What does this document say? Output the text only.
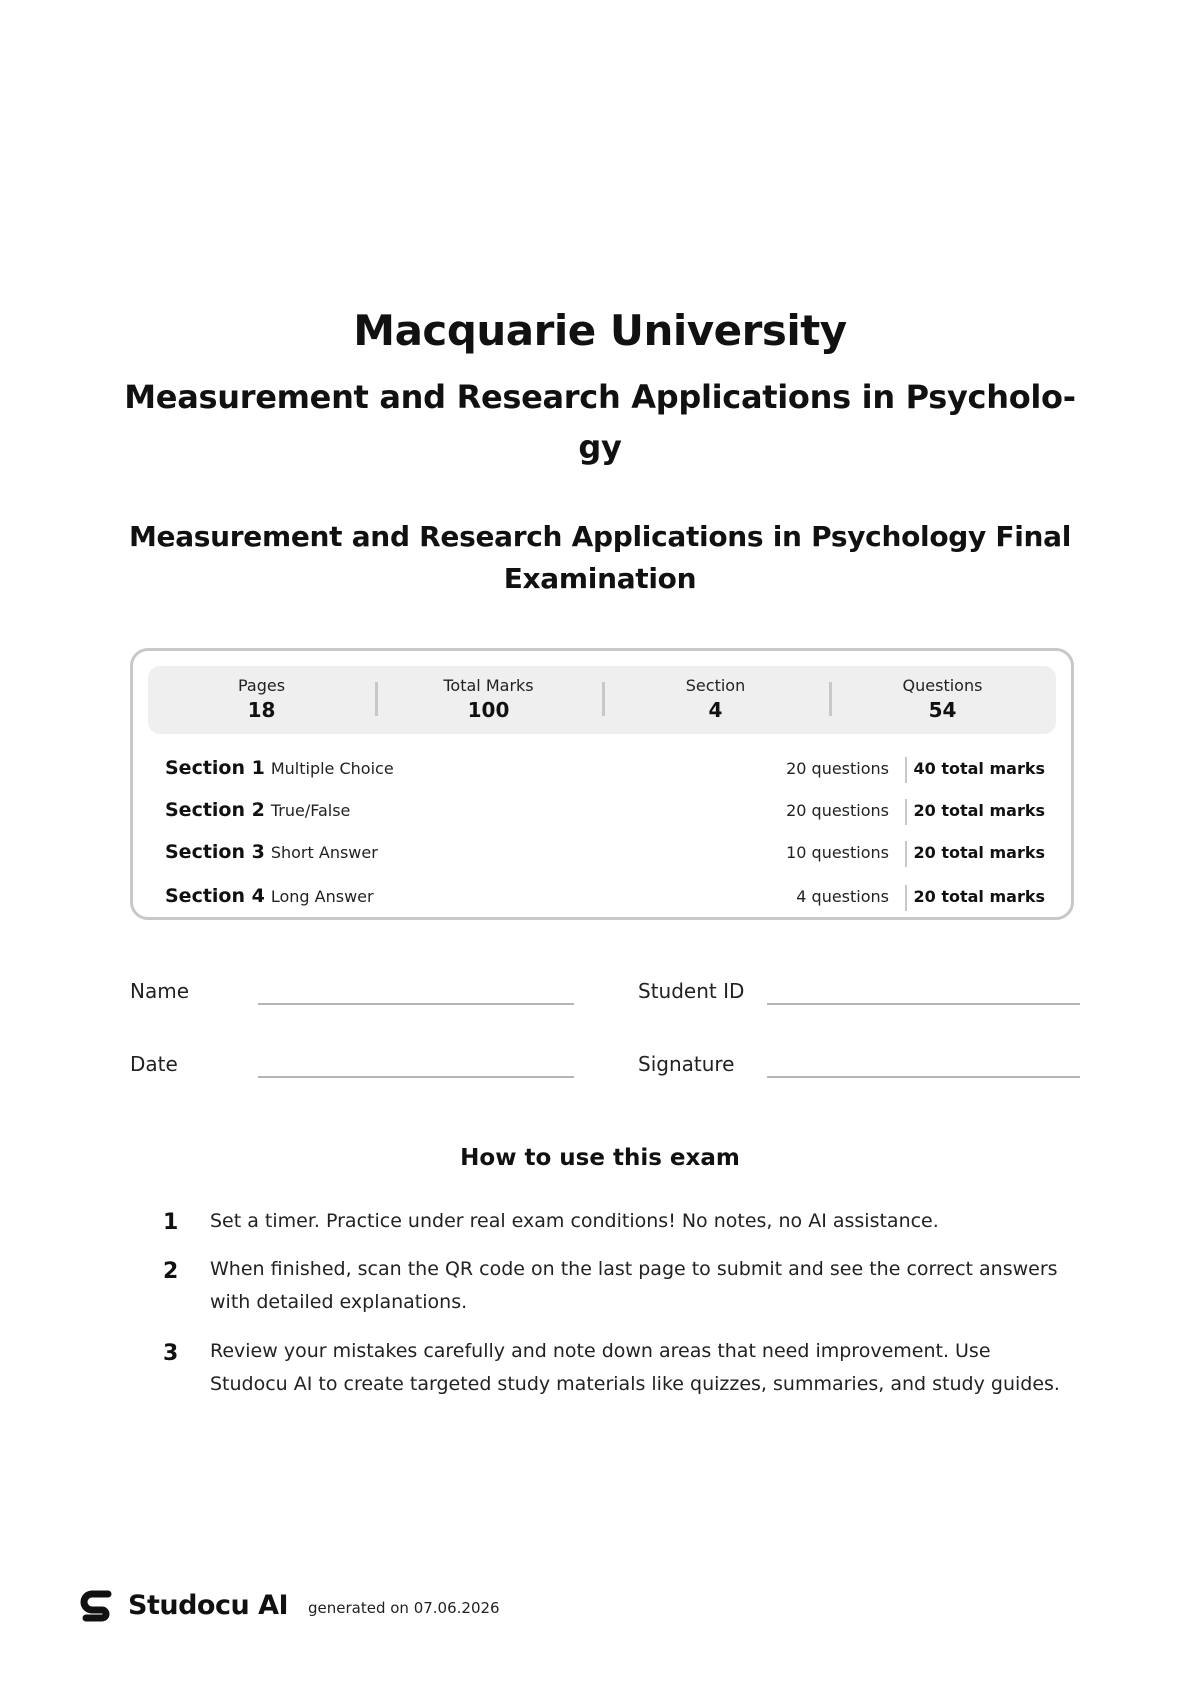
Macquarie University
Measurement and Research Applications in Psycholo-gy
Measurement and Research Applications in Psychology Final Examination
Pages
18
Total Marks
100
Section
4
Questions
54
Section 1 Multiple Choice	20 questions 40 total marks
Section 2 True/False	20 questions 20 total marks
Section 3 Short Answer	10 questions 20 total marks
Section 4 Long Answer	4 questions 20 total marks
Name	Student ID
Date	Signature
How to use this exam
1 Set a timer. Practice under real exam conditions! No notes, no AI assistance.
2 When finished, scan the QR code on the last page to submit and see the correct answers with detailed explanations.
3 Review your mistakes carefully and note down areas that need improvement. Use Studocu AI to create targeted study materials like quizzes, summaries, and study guides.
Studocu AI generated on 07.06.2026
